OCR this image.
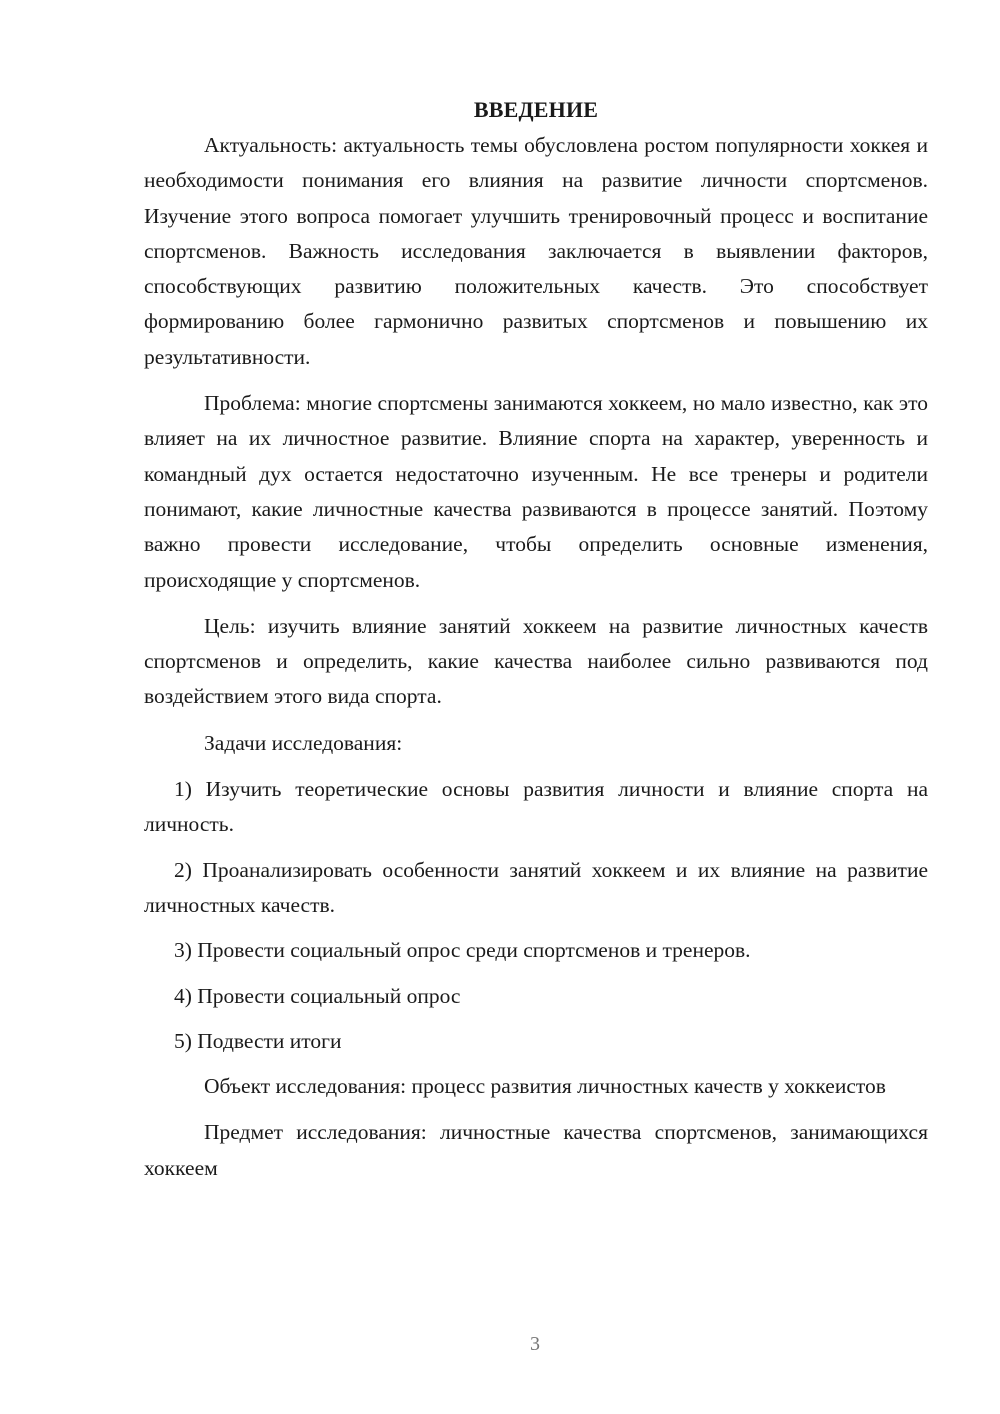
ВВЕДЕНИЕ

Актуальность: актуальность темы обусловлена ростом популярности хоккея и необходимости понимания его влияния на развитие личности спортсменов. Изучение этого вопроса помогает улучшить тренировочный процесс и воспитание спортсменов. Важность исследования заключается в выявлении факторов, способствующих развитию положительных качеств. Это способствует формированию более гармонично развитых спортсменов и повышению их результативности.

Проблема: многие спортсмены занимаются хоккеем, но мало известно, как это влияет на их личностное развитие. Влияние спорта на характер, уверенность и командный дух остается недостаточно изученным. Не все тренеры и родители понимают, какие личностные качества развиваются в процессе занятий. Поэтому важно провести исследование, чтобы определить основные изменения, происходящие у спортсменов.

Цель: изучить влияние занятий хоккеем на развитие личностных качеств спортсменов и определить, какие качества наиболее сильно развиваются под воздействием этого вида спорта.

Задачи исследования:

1) Изучить теоретические основы развития личности и влияние спорта на личность.

2) Проанализировать особенности занятий хоккеем и их влияние на развитие личностных качеств.

3) Провести социальный опрос среди спортсменов и тренеров.

4) Провести социальный опрос

5) Подвести итоги

Объект исследования: процесс развития личностных качеств у хоккеистов

Предмет исследования: личностные качества спортсменов, занимающихся хоккеем

3
